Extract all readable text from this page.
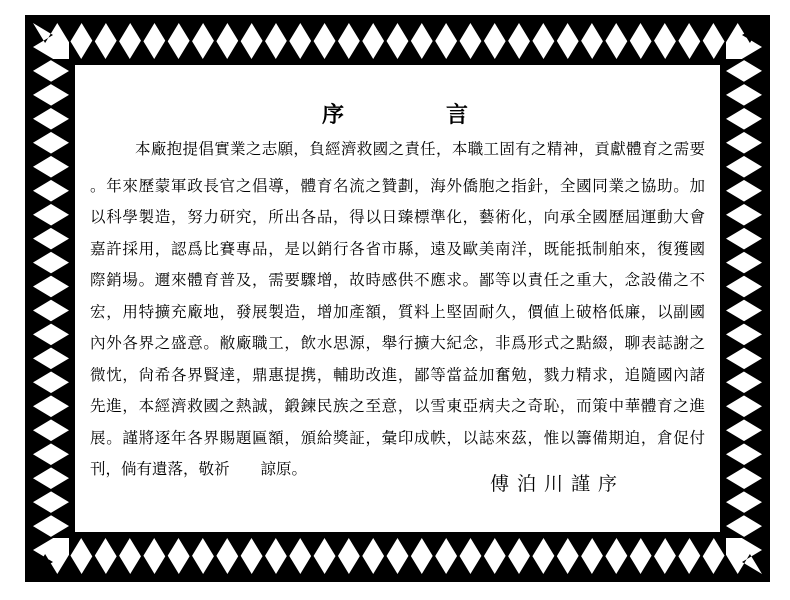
序言
本廠抱提倡實業之志願，負經濟救國之責任，本職工固有之精神，貢獻體育之需要
。年來歷蒙軍政長官之倡導，體育名流之贊劃，海外僑胞之指針，全國同業之協助。加
以科學製造，努力研究，所出各品，得以日臻標準化，藝術化，向承全國歷屆運動大會
嘉許採用，認爲比賽專品，是以銷行各省市縣，遠及歐美南洋，既能抵制舶來，復獲國
際銷場。邇來體育普及，需要驟增，故時感供不應求。鄙等以責任之重大，念設備之不
宏，用特擴充廠地，發展製造，增加產額，質料上堅固耐久，價値上破格低廉，以副國
內外各界之盛意。敝廠職工，飲水思源，舉行擴大紀念，非爲形式之點綴，聊表誌謝之
微忱，尙希各界賢達，鼎惠提携，輔助改進，鄙等當益加奮勉，戮力精求，追隨國內諸
先進，本經濟救國之熱誠，鍛鍊民族之至意，以雪東亞病夫之奇恥，而策中華體育之進
展。謹將逐年各界賜題匾額，頒給獎証，彙印成帙，以誌來茲，惟以籌備期迫，倉促付
刊，倘有遺落，敬祈　　諒原。
傅泊川謹序
